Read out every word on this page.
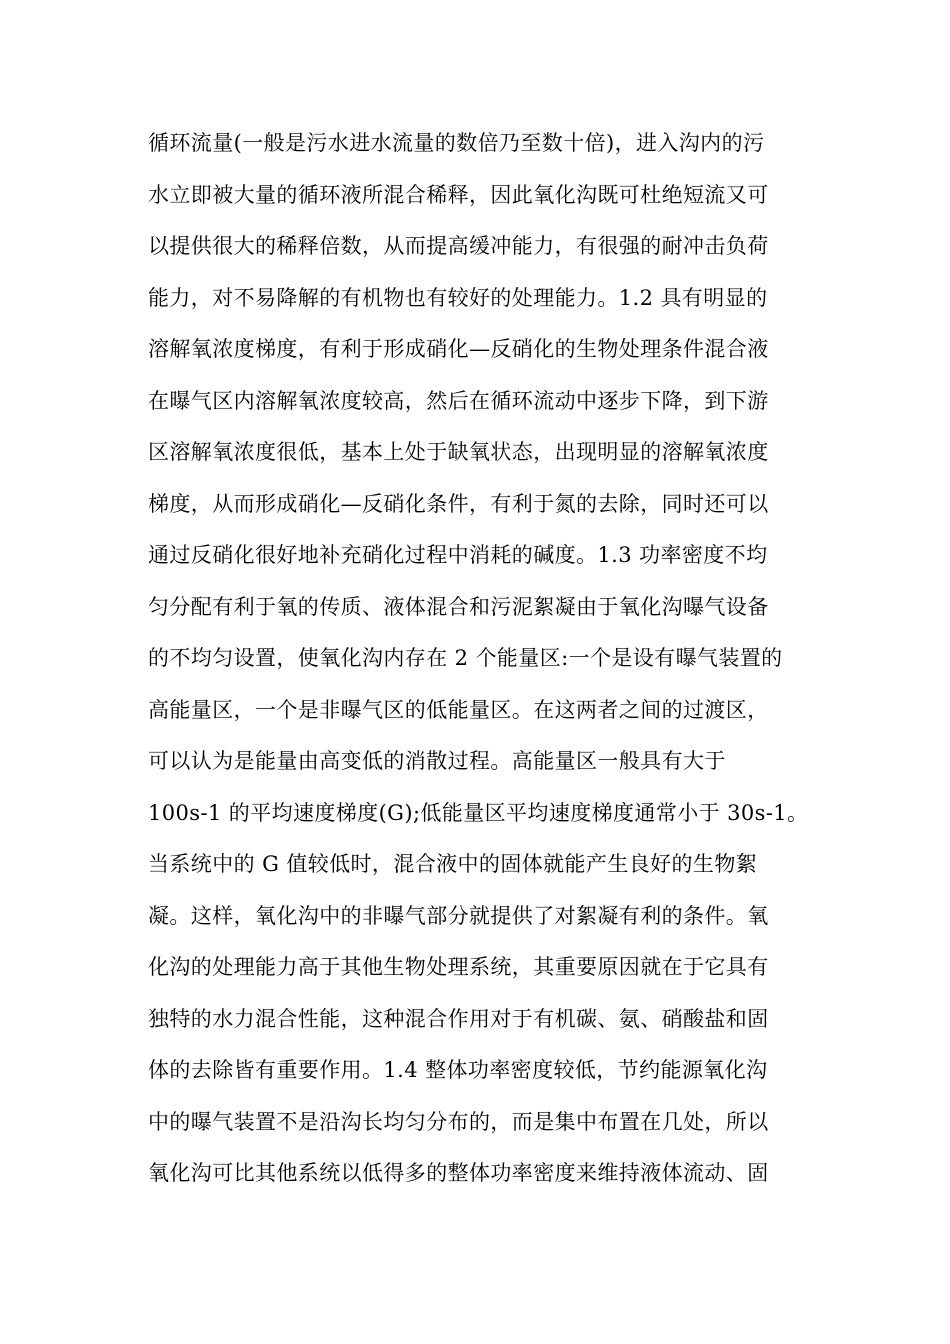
循环流量(一般是污水进水流量的数倍乃至数十倍)，进入沟内的污
水立即被大量的循环液所混合稀释，因此氧化沟既可杜绝短流又可
以提供很大的稀释倍数，从而提高缓冲能力，有很强的耐冲击负荷
能力，对不易降解的有机物也有较好的处理能力。1.2 具有明显的
溶解氧浓度梯度，有利于形成硝化—反硝化的生物处理条件混合液
在曝气区内溶解氧浓度较高，然后在循环流动中逐步下降，到下游
区溶解氧浓度很低，基本上处于缺氧状态，出现明显的溶解氧浓度
梯度，从而形成硝化—反硝化条件，有利于氮的去除，同时还可以
通过反硝化很好地补充硝化过程中消耗的碱度。1.3 功率密度不均
匀分配有利于氧的传质、液体混合和污泥絮凝由于氧化沟曝气设备
的不均匀设置，使氧化沟内存在 2 个能量区:一个是设有曝气装置的
高能量区，一个是非曝气区的低能量区。在这两者之间的过渡区，
可以认为是能量由高变低的消散过程。高能量区一般具有大于
100s-1 的平均速度梯度(G);低能量区平均速度梯度通常小于 30s-1。
当系统中的 G 值较低时，混合液中的固体就能产生良好的生物絮
凝。这样，氧化沟中的非曝气部分就提供了对絮凝有利的条件。氧
化沟的处理能力高于其他生物处理系统，其重要原因就在于它具有
独特的水力混合性能，这种混合作用对于有机碳、氨、硝酸盐和固
体的去除皆有重要作用。1.4 整体功率密度较低，节约能源氧化沟
中的曝气装置不是沿沟长均匀分布的，而是集中布置在几处，所以
氧化沟可比其他系统以低得多的整体功率密度来维持液体流动、固
